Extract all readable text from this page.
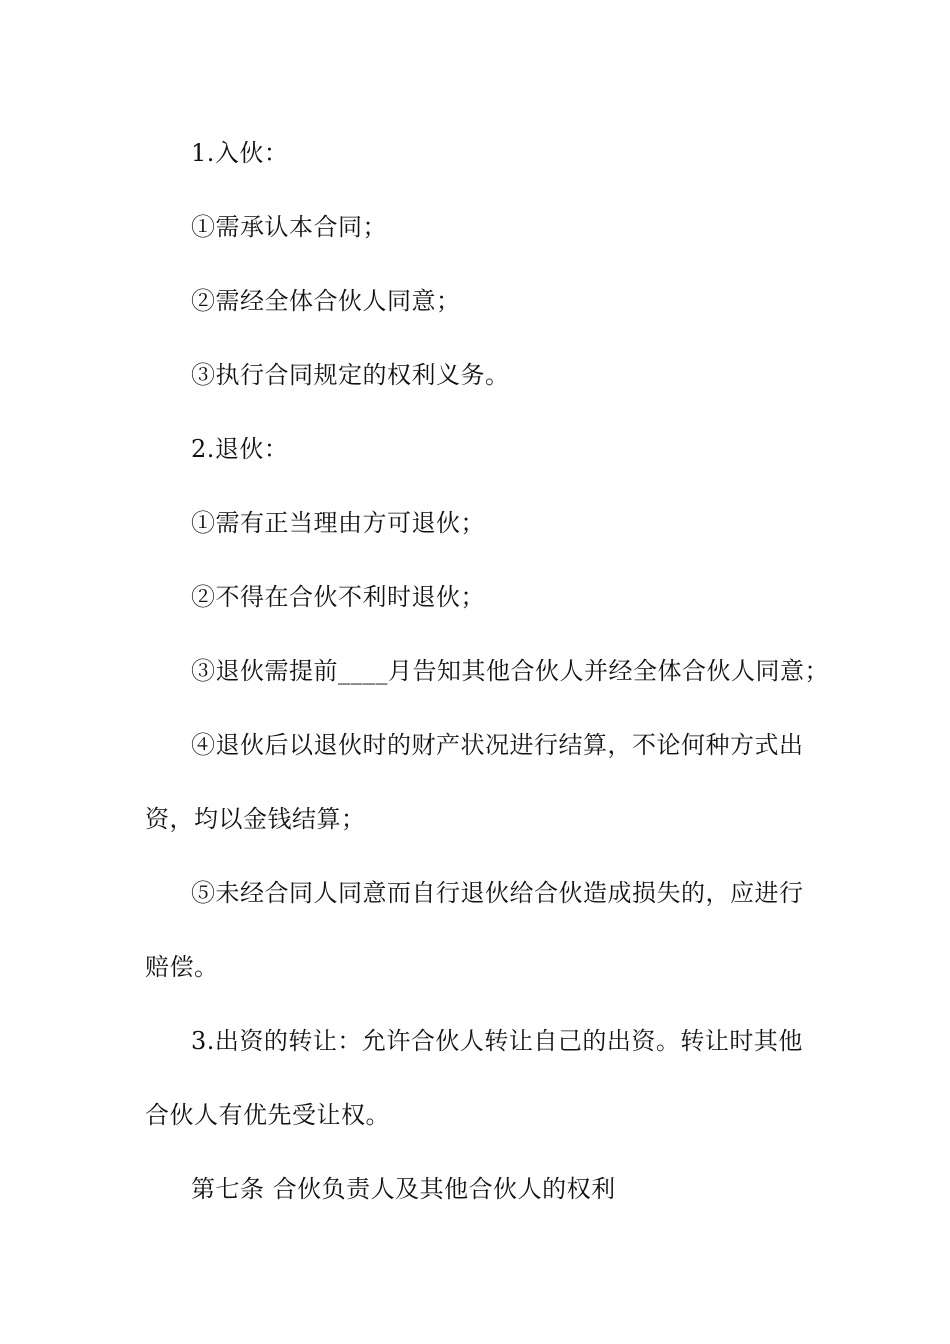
1.入伙：
①需承认本合同；
②需经全体合伙人同意；
③执行合同规定的权利义务。
2.退伙：
①需有正当理由方可退伙；
②不得在合伙不利时退伙；
③退伙需提前____月告知其他合伙人并经全体合伙人同意；
④退伙后以退伙时的财产状况进行结算，不论何种方式出
资，均以金钱结算；
⑤未经合同人同意而自行退伙给合伙造成损失的，应进行
赔偿。
3.出资的转让：允许合伙人转让自己的出资。转让时其他
合伙人有优先受让权。
第七条 合伙负责人及其他合伙人的权利
